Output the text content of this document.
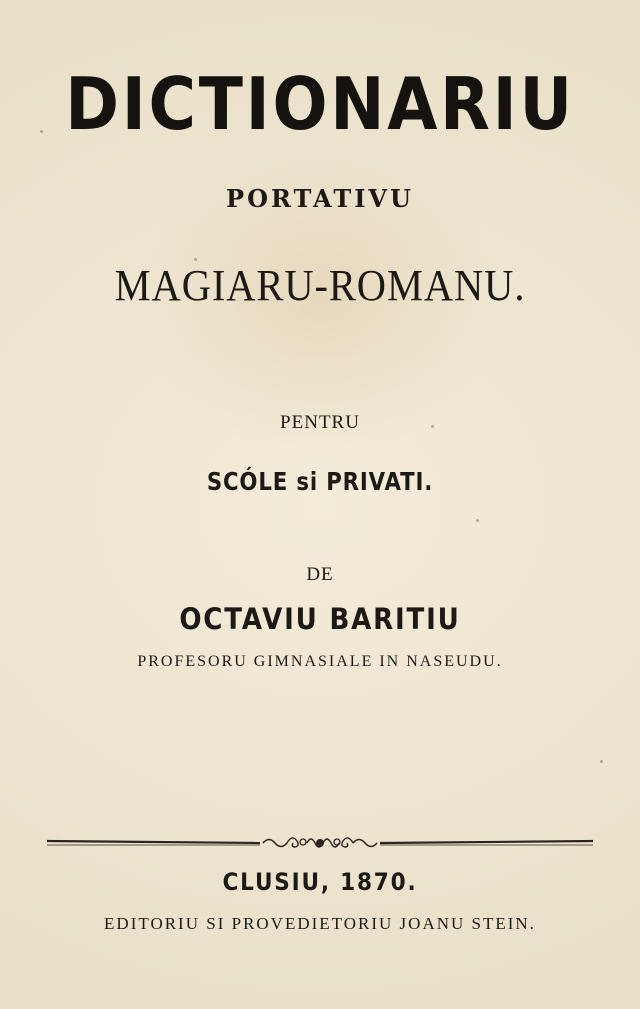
DICTIONARIU
PORTATIVU
MAGIARU-ROMANU.
PENTRU
SCÓLE si PRIVATI.
DE
OCTAVIU BARITIU
PROFESORU GIMNASIALE IN NASEUDU.
CLUSIU, 1870.
EDITORIU SI PROVEDIETORIU JOANU STEIN.
